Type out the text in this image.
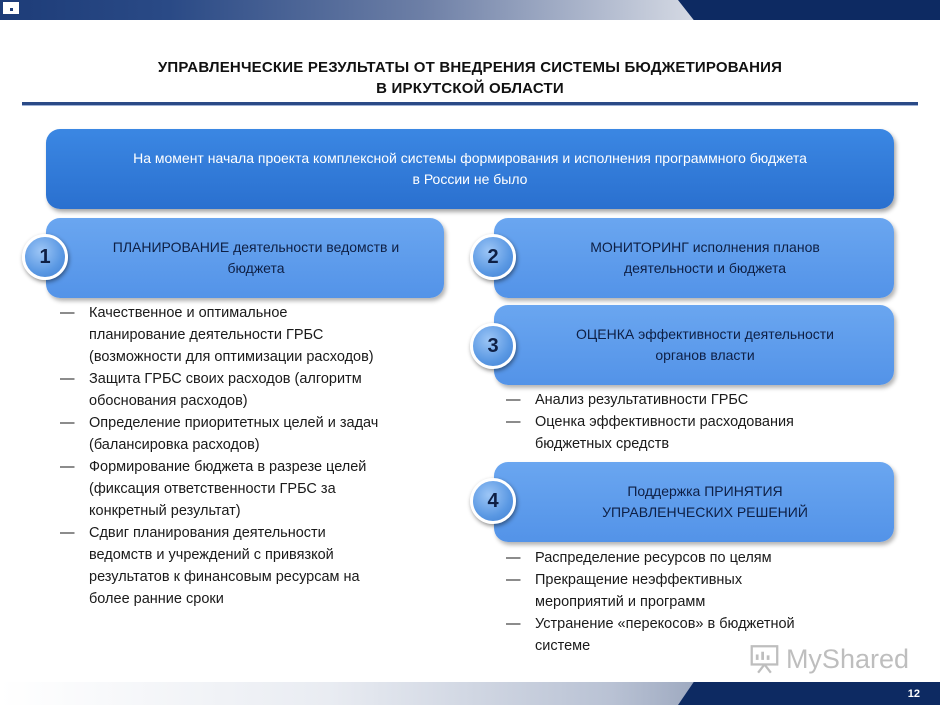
УПРАВЛЕНЧЕСКИЕ РЕЗУЛЬТАТЫ ОТ ВНЕДРЕНИЯ СИСТЕМЫ БЮДЖЕТИРОВАНИЯ
В ИРКУТСКОЙ ОБЛАСТИ
На момент начала проекта комплексной системы формирования и исполнения программного бюджета
в России не было
ПЛАНИРОВАНИЕ деятельности ведомств и
бюджета
1
— Качественное и оптимальное
планирование деятельности ГРБС
(возможности для оптимизации расходов)
— Защита ГРБС своих расходов (алгоритм
обоснования расходов)
— Определение приоритетных целей и задач
(балансировка расходов)
— Формирование бюджета в разрезе целей
(фиксация ответственности ГРБС за
конкретный результат)
— Сдвиг планирования деятельности
ведомств и учреждений с привязкой
результатов к финансовым ресурсам на
более ранние сроки
МОНИТОРИНГ исполнения планов
деятельности и бюджета
2
ОЦЕНКА эффективности деятельности
органов власти
3
— Анализ результативности ГРБС
— Оценка эффективности расходования
бюджетных средств
Поддержка ПРИНЯТИЯ
УПРАВЛЕНЧЕСКИХ РЕШЕНИЙ
4
— Распределение ресурсов по целям
— Прекращение неэффективных
мероприятий и программ
— Устранение «перекосов» в бюджетной
системе	MyShared
12
